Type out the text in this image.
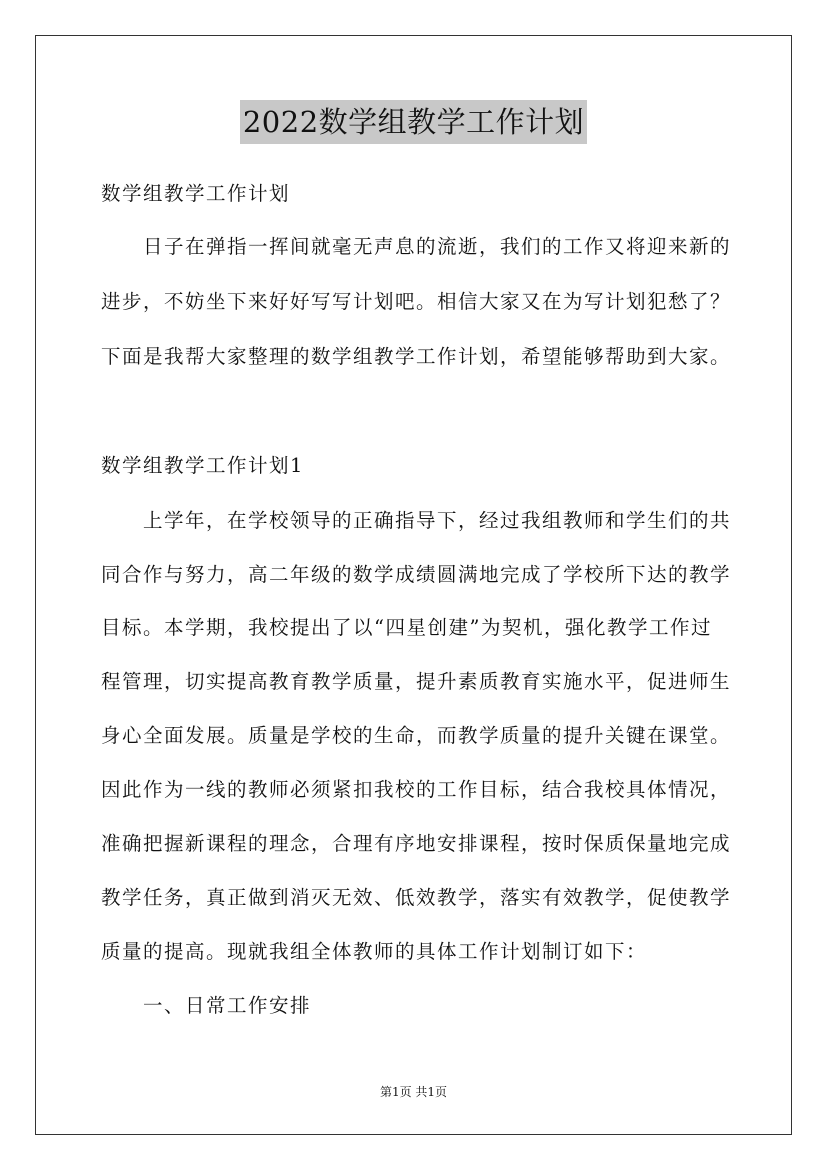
2022数学组教学工作计划
数学组教学工作计划
日子在弹指一挥间就毫无声息的流逝，我们的工作又将迎来新的
进步，不妨坐下来好好写写计划吧。相信大家又在为写计划犯愁了？
下面是我帮大家整理的数学组教学工作计划，希望能够帮助到大家。
数学组教学工作计划1
上学年，在学校领导的正确指导下，经过我组教师和学生们的共
同合作与努力，高二年级的数学成绩圆满地完成了学校所下达的教学
目标。本学期，我校提出了以“四星创建”为契机，强化教学工作过
程管理，切实提高教育教学质量，提升素质教育实施水平，促进师生
身心全面发展。质量是学校的生命，而教学质量的提升关键在课堂。
因此作为一线的教师必须紧扣我校的工作目标，结合我校具体情况，
准确把握新课程的理念，合理有序地安排课程，按时保质保量地完成
教学任务，真正做到消灭无效、低效教学，落实有效教学，促使教学
质量的提高。现就我组全体教师的具体工作计划制订如下：
一、日常工作安排
第1页 共1页
